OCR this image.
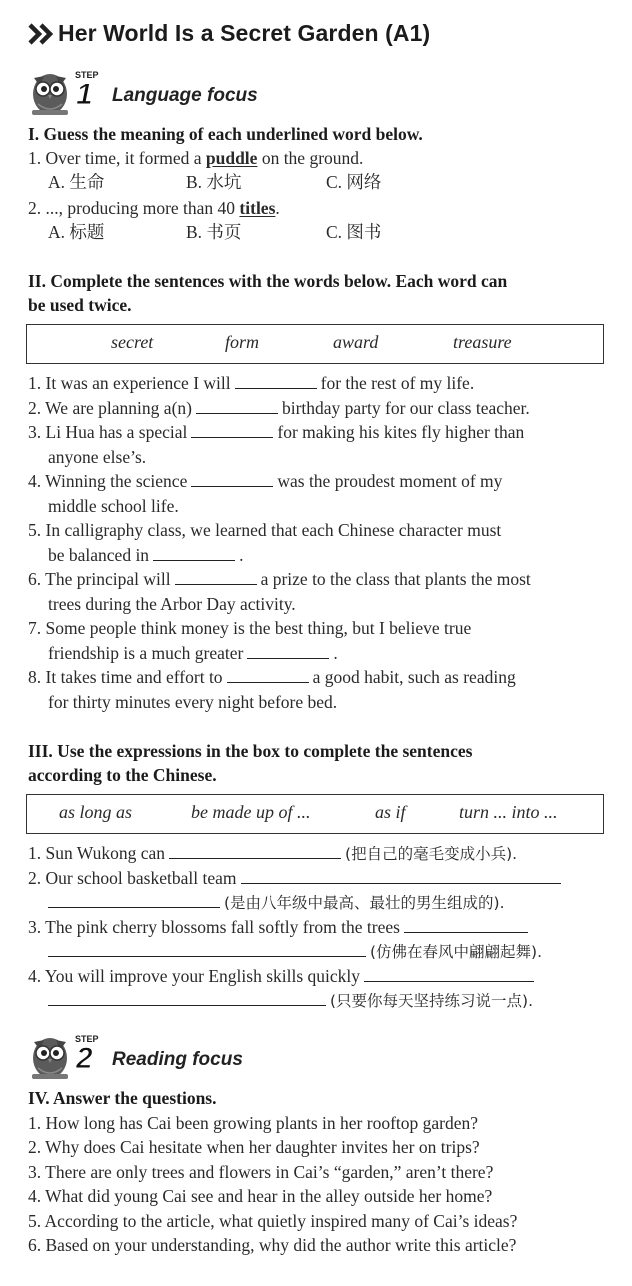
Her World Is a Secret Garden (A1)
STEP
1 Language focus
I. Guess the meaning of each underlined word below.
1. Over time, it formed a puddle on the ground.
A. 生命	B. 水坑	C. 网络
2. ..., producing more than 40 titles.
A. 标题	B. 书页	C. 图书
II. Complete the sentences with the words below. Each word can
be used twice.
secret	form	award	treasure
1. It was an experience I will	for the rest of my life.
2. We are planning a(n)	birthday party for our class teacher.
3. Li Hua has a special	for making his kites fly higher than
anyone else’s.
4. Winning the science	was the proudest moment of my
middle school life.
5. In calligraphy class, we learned that each Chinese character must
be balanced in	.
6. The principal will	a prize to the class that plants the most
trees during the Arbor Day activity.
7. Some people think money is the best thing, but I believe true
friendship is a much greater	.
8. It takes time and effort to	a good habit, such as reading
for thirty minutes every night before bed.
III. Use the expressions in the box to complete the sentences
according to the Chinese.
as long as	be made up of ...	as if	turn ... into ...
1. Sun Wukong can	(把自己的毫毛变成小兵).
2. Our school basketball team
(是由八年级中最高、最壮的男生组成的).
3. The pink cherry blossoms fall softly from the trees
(仿佛在春风中翩翩起舞).
4. You will improve your English skills quickly
(只要你每天坚持练习说一点).
STEP
2 Reading focus
IV. Answer the questions.
1. How long has Cai been growing plants in her rooftop garden?
2. Why does Cai hesitate when her daughter invites her on trips?
3. There are only trees and flowers in Cai’s “garden,” aren’t there?
4. What did young Cai see and hear in the alley outside her home?
5. According to the article, what quietly inspired many of Cai’s ideas?
6. Based on your understanding, why did the author write this article?
